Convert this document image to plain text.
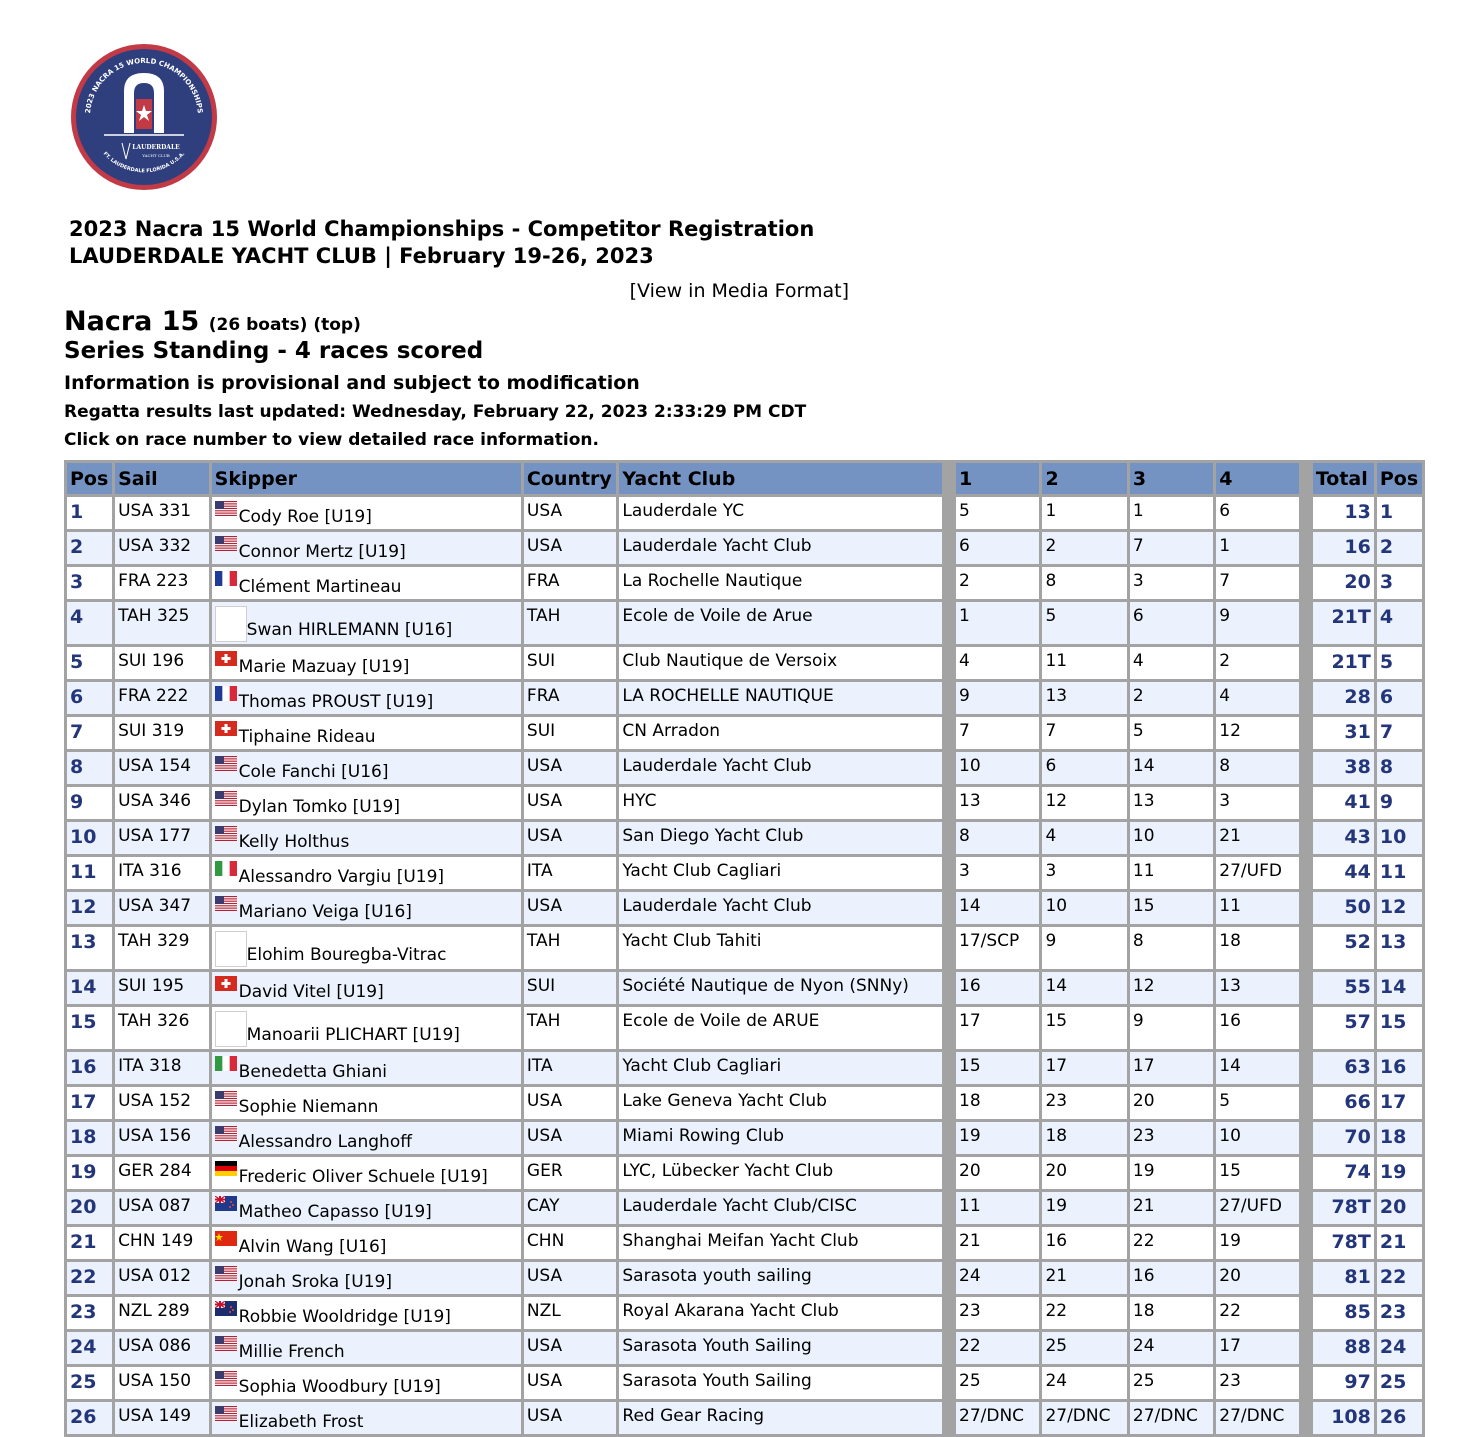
2023 NACRA 15 WORLD CHAMPIONSHIPS
LAUDERDALE
YACHT CLUB
FT. LAUDERDALE FLORIDA U.S.A.
2023 Nacra 15 World Championships - Competitor Registration
LAUDERDALE YACHT CLUB | February 19-26, 2023
[View in Media Format]
Nacra 15 (26 boats) (top)
Series Standing - 4 races scored
Information is provisional and subject to modification
Regatta results last updated: Wednesday, February 22, 2023 2:33:29 PM CDT
Click on race number to view detailed race information.
Pos	Sail	Skipper	Country	Yacht Club		1	2	3	4		Total	Pos
1	USA 331	Cody Roe [U19]	USA	Lauderdale YC		5	1	1	6		13	1
2	USA 332	Connor Mertz [U19]	USA	Lauderdale Yacht Club		6	2	7	1		16	2
3	FRA 223	Clément Martineau	FRA	La Rochelle Nautique		2	8	3	7		20	3
4	TAH 325	Swan HIRLEMANN [U16]	TAH	Ecole de Voile de Arue		1	5	6	9		21T	4
5	SUI 196	Marie Mazuay [U19]	SUI	Club Nautique de Versoix		4	11	4	2		21T	5
6	FRA 222	Thomas PROUST [U19]	FRA	LA ROCHELLE NAUTIQUE		9	13	2	4		28	6
7	SUI 319	Tiphaine Rideau	SUI	CN Arradon		7	7	5	12		31	7
8	USA 154	Cole Fanchi [U16]	USA	Lauderdale Yacht Club		10	6	14	8		38	8
9	USA 346	Dylan Tomko [U19]	USA	HYC		13	12	13	3		41	9
10	USA 177	Kelly Holthus	USA	San Diego Yacht Club		8	4	10	21		43	10
11	ITA 316	Alessandro Vargiu [U19]	ITA	Yacht Club Cagliari		3	3	11	27/UFD		44	11
12	USA 347	Mariano Veiga [U16]	USA	Lauderdale Yacht Club		14	10	15	11		50	12
13	TAH 329	Elohim Bouregba-Vitrac	TAH	Yacht Club Tahiti		17/SCP	9	8	18		52	13
14	SUI 195	David Vitel [U19]	SUI	Société Nautique de Nyon (SNNy)		16	14	12	13		55	14
15	TAH 326	Manoarii PLICHART [U19]	TAH	Ecole de Voile de ARUE		17	15	9	16		57	15
16	ITA 318	Benedetta Ghiani	ITA	Yacht Club Cagliari		15	17	17	14		63	16
17	USA 152	Sophie Niemann	USA	Lake Geneva Yacht Club		18	23	20	5		66	17
18	USA 156	Alessandro Langhoff	USA	Miami Rowing Club		19	18	23	10		70	18
19	GER 284	Frederic Oliver Schuele [U19]	GER	LYC, Lübecker Yacht Club		20	20	19	15		74	19
20	USA 087	Matheo Capasso [U19]	CAY	Lauderdale Yacht Club/CISC		11	19	21	27/UFD		78T	20
21	CHN 149	Alvin Wang [U16]	CHN	Shanghai Meifan Yacht Club		21	16	22	19		78T	21
22	USA 012	Jonah Sroka [U19]	USA	Sarasota youth sailing		24	21	16	20		81	22
23	NZL 289	Robbie Wooldridge [U19]	NZL	Royal Akarana Yacht Club		23	22	18	22		85	23
24	USA 086	Millie French	USA	Sarasota Youth Sailing		22	25	24	17		88	24
25	USA 150	Sophia Woodbury [U19]	USA	Sarasota Youth Sailing		25	24	25	23		97	25
26	USA 149	Elizabeth Frost	USA	Red Gear Racing		27/DNC	27/DNC	27/DNC	27/DNC		108	26
